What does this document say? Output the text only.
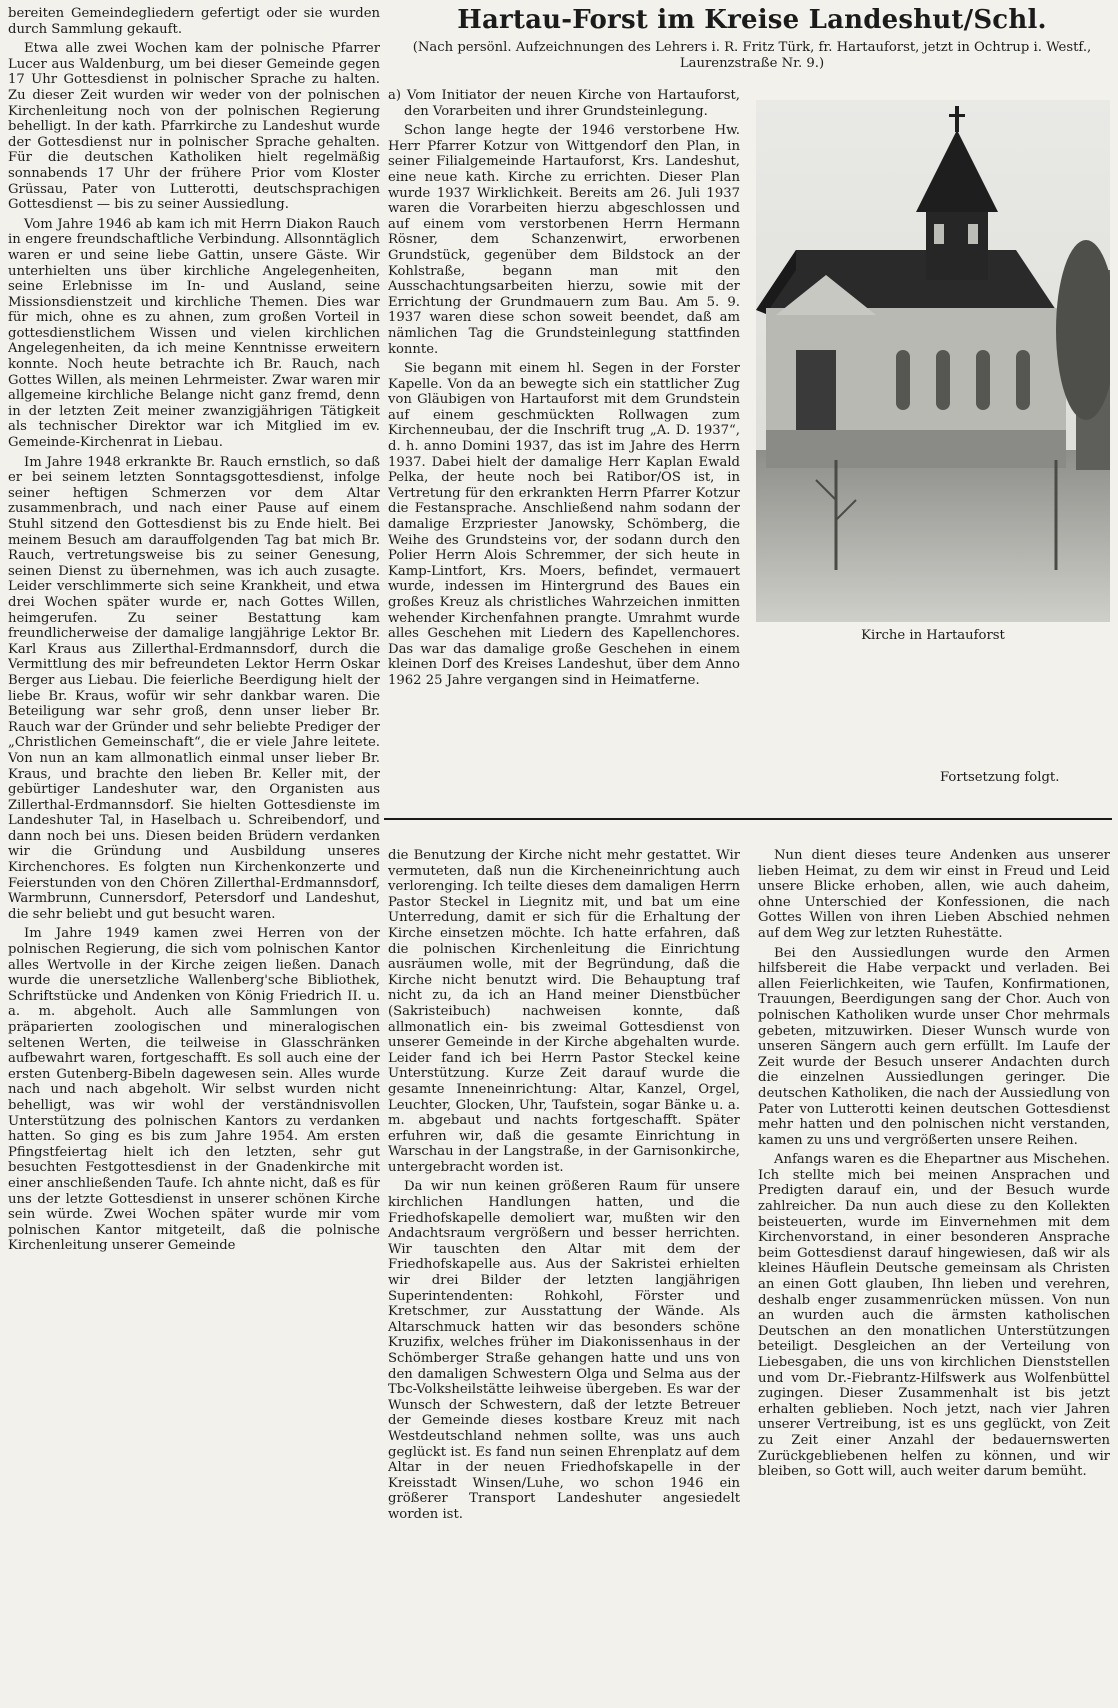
bereiten Gemeindegliedern gefertigt oder sie wurden durch Sammlung gekauft.

Etwa alle zwei Wochen kam der polnische Pfarrer Lucer aus Waldenburg, um bei dieser Gemeinde gegen 17 Uhr Gottesdienst in polnischer Sprache zu halten. Zu dieser Zeit wurden wir weder von der polnischen Kirchenleitung noch von der polnischen Regierung behelligt. In der kath. Pfarrkirche zu Landeshut wurde der Gottesdienst nur in polnischer Sprache gehalten. Für die deutschen Katholiken hielt regelmäßig sonnabends 17 Uhr der frühere Prior vom Kloster Grüssau, Pater von Lutterotti, deutschsprachigen Gottesdienst — bis zu seiner Aussiedlung.

Vom Jahre 1946 ab kam ich mit Herrn Diakon Rauch in engere freundschaftliche Verbindung. Allsonntäglich waren er und seine liebe Gattin, unsere Gäste. Wir unterhielten uns über kirchliche Angelegenheiten, seine Erlebnisse im In- und Ausland, seine Missionsdienstzeit und kirchliche Themen. Dies war für mich, ohne es zu ahnen, zum großen Vorteil in gottesdienstlichem Wissen und vielen kirchlichen Angelegenheiten, da ich meine Kenntnisse erweitern konnte. Noch heute betrachte ich Br. Rauch, nach Gottes Willen, als meinen Lehrmeister. Zwar waren mir allgemeine kirchliche Belange nicht ganz fremd, denn in der letzten Zeit meiner zwanzigjährigen Tätigkeit als technischer Direktor war ich Mitglied im ev. Gemeinde-Kirchenrat in Liebau.

Im Jahre 1948 erkrankte Br. Rauch ernstlich, so daß er bei seinem letzten Sonntagsgottesdienst, infolge seiner heftigen Schmerzen vor dem Altar zusammenbrach, und nach einer Pause auf einem Stuhl sitzend den Gottesdienst bis zu Ende hielt. Bei meinem Besuch am darauffolgenden Tag bat mich Br. Rauch, vertretungsweise bis zu seiner Genesung, seinen Dienst zu übernehmen, was ich auch zusagte. Leider verschlimmerte sich seine Krankheit, und etwa drei Wochen später wurde er, nach Gottes Willen, heimgerufen. Zu seiner Bestattung kam freundlicherweise der damalige langjährige Lektor Br. Karl Kraus aus Zillerthal-Erdmannsdorf, durch die Vermittlung des mir befreundeten Lektor Herrn Oskar Berger aus Liebau. Die feierliche Beerdigung hielt der liebe Br. Kraus, wofür wir sehr dankbar waren. Die Beteiligung war sehr groß, denn unser lieber Br. Rauch war der Gründer und sehr beliebte Prediger der „Christlichen Gemeinschaft“, die er viele Jahre leitete. Von nun an kam allmonatlich einmal unser lieber Br. Kraus, und brachte den lieben Br. Keller mit, der gebürtiger Landeshuter war, den Organisten aus Zillerthal-Erdmannsdorf. Sie hielten Gottesdienste im Landeshuter Tal, in Haselbach u. Schreibendorf, und dann noch bei uns. Diesen beiden Brüdern verdanken wir die Gründung und Ausbildung unseres Kirchenchores. Es folgten nun Kirchenkonzerte und Feierstunden von den Chören Zillerthal-Erdmannsdorf, Warmbrunn, Cunnersdorf, Petersdorf und Landeshut, die sehr beliebt und gut besucht waren.

Im Jahre 1949 kamen zwei Herren von der polnischen Regierung, die sich vom polnischen Kantor alles Wertvolle in der Kirche zeigen ließen. Danach wurde die unersetzliche Wallenberg'sche Bibliothek, Schriftstücke und Andenken von König Friedrich II. u. a. m. abgeholt. Auch alle Sammlungen von präparierten zoologischen und mineralogischen seltenen Werten, die teilweise in Glasschränken aufbewahrt waren, fortgeschafft. Es soll auch eine der ersten Gutenberg-Bibeln dagewesen sein. Alles wurde nach und nach abgeholt. Wir selbst wurden nicht behelligt, was wir wohl der verständnisvollen Unterstützung des polnischen Kantors zu verdanken hatten. So ging es bis zum Jahre 1954. Am ersten Pfingstfeiertag hielt ich den letzten, sehr gut besuchten Festgottesdienst in der Gnadenkirche mit einer anschließenden Taufe. Ich ahnte nicht, daß es für uns der letzte Gottesdienst in unserer schönen Kirche sein würde. Zwei Wochen später wurde mir vom polnischen Kantor mitgeteilt, daß die polnische Kirchenleitung unserer Gemeinde

Hartau-Forst im Kreise Landeshut/Schl.
(Nach persönl. Aufzeichnungen des Lehrers i. R. Fritz Türk, fr. Hartauforst, jetzt in Ochtrup i. Westf., Laurenzstraße Nr. 9.)

a) Vom Initiator der neuen Kirche von Hartauforst, den Vorarbeiten und ihrer Grundsteinlegung.

Schon lange hegte der 1946 verstorbene Hw. Herr Pfarrer Kotzur von Wittgendorf den Plan, in seiner Filialgemeinde Hartauforst, Krs. Landeshut, eine neue kath. Kirche zu errichten. Dieser Plan wurde 1937 Wirklichkeit. Bereits am 26. Juli 1937 waren die Vorarbeiten hierzu abgeschlossen und auf einem vom verstorbenen Herrn Hermann Rösner, dem Schanzenwirt, erworbenen Grundstück, gegenüber dem Bildstock an der Kohlstraße, begann man mit den Ausschachtungsarbeiten hierzu, sowie mit der Errichtung der Grundmauern zum Bau. Am 5. 9. 1937 waren diese schon soweit beendet, daß am nämlichen Tag die Grundsteinlegung stattfinden konnte.

Sie begann mit einem hl. Segen in der Forster Kapelle. Von da an bewegte sich ein stattlicher Zug von Gläubigen von Hartauforst mit dem Grundstein auf einem geschmückten Rollwagen zum Kirchenneubau, der die Inschrift trug „A. D. 1937“, d. h. anno Domini 1937, das ist im Jahre des Herrn 1937. Dabei hielt der damalige Herr Kaplan Ewald Pelka, der heute noch bei Ratibor/OS ist, in Vertretung für den erkrankten Herrn Pfarrer Kotzur die Festansprache. Anschließend nahm sodann der damalige Erzpriester Janowsky, Schömberg, die Weihe des Grundsteins vor, der sodann durch den Polier Herrn Alois Schremmer, der sich heute in Kamp-Lintfort, Krs. Moers, befindet, vermauert wurde, indessen im Hintergrund des Baues ein großes Kreuz als christliches Wahrzeichen inmitten wehender Kirchenfahnen prangte. Umrahmt wurde alles Geschehen mit Liedern des Kapellenchores. Das war das damalige große Geschehen in einem kleinen Dorf des Kreises Landeshut, über dem Anno 1962 25 Jahre vergangen sind in Heimatferne.

Kirche in Hartauforst
Fortsetzung folgt.

die Benutzung der Kirche nicht mehr gestattet. Wir vermuteten, daß nun die Kircheneinrichtung auch verlorenging. Ich teilte dieses dem damaligen Herrn Pastor Steckel in Liegnitz mit, und bat um eine Unterredung, damit er sich für die Erhaltung der Kirche einsetzen möchte. Ich hatte erfahren, daß die polnischen Kirchenleitung die Einrichtung ausräumen wolle, mit der Begründung, daß die Kirche nicht benutzt wird. Die Behauptung traf nicht zu, da ich an Hand meiner Dienstbücher (Sakristeibuch) nachweisen konnte, daß allmonatlich ein- bis zweimal Gottesdienst von unserer Gemeinde in der Kirche abgehalten wurde. Leider fand ich bei Herrn Pastor Steckel keine Unterstützung. Kurze Zeit darauf wurde die gesamte Inneneinrichtung: Altar, Kanzel, Orgel, Leuchter, Glocken, Uhr, Taufstein, sogar Bänke u. a. m. abgebaut und nachts fortgeschafft. Später erfuhren wir, daß die gesamte Einrichtung in Warschau in der Langstraße, in der Garnisonkirche, untergebracht worden ist.

Da wir nun keinen größeren Raum für unsere kirchlichen Handlungen hatten, und die Friedhofskapelle demoliert war, mußten wir den Andachtsraum vergrößern und besser herrichten. Wir tauschten den Altar mit dem der Friedhofskapelle aus. Aus der Sakristei erhielten wir drei Bilder der letzten langjährigen Superintendenten: Rohkohl, Förster und Kretschmer, zur Ausstattung der Wände. Als Altarschmuck hatten wir das besonders schöne Kruzifix, welches früher im Diakonissenhaus in der Schömberger Straße gehangen hatte und uns von den damaligen Schwestern Olga und Selma aus der Tbc-Volksheilstätte leihweise übergeben. Es war der Wunsch der Schwestern, daß der letzte Betreuer der Gemeinde dieses kostbare Kreuz mit nach Westdeutschland nehmen sollte, was uns auch geglückt ist. Es fand nun seinen Ehrenplatz auf dem Altar in der neuen Friedhofskapelle in der Kreisstadt Winsen/Luhe, wo schon 1946 ein größerer Transport Landeshuter angesiedelt worden ist.

Nun dient dieses teure Andenken aus unserer lieben Heimat, zu dem wir einst in Freud und Leid unsere Blicke erhoben, allen, wie auch daheim, ohne Unterschied der Konfessionen, die nach Gottes Willen von ihren Lieben Abschied nehmen auf dem Weg zur letzten Ruhestätte.

Bei den Aussiedlungen wurde den Armen hilfsbereit die Habe verpackt und verladen. Bei allen Feierlichkeiten, wie Taufen, Konfirmationen, Trauungen, Beerdigungen sang der Chor. Auch von polnischen Katholiken wurde unser Chor mehrmals gebeten, mitzuwirken. Dieser Wunsch wurde von unseren Sängern auch gern erfüllt. Im Laufe der Zeit wurde der Besuch unserer Andachten durch die einzelnen Aussiedlungen geringer. Die deutschen Katholiken, die nach der Aussiedlung von Pater von Lutterotti keinen deutschen Gottesdienst mehr hatten und den polnischen nicht verstanden, kamen zu uns und vergrößerten unsere Reihen.

Anfangs waren es die Ehepartner aus Mischehen. Ich stellte mich bei meinen Ansprachen und Predigten darauf ein, und der Besuch wurde zahlreicher. Da nun auch diese zu den Kollekten beisteuerten, wurde im Einvernehmen mit dem Kirchenvorstand, in einer besonderen Ansprache beim Gottesdienst darauf hingewiesen, daß wir als kleines Häuflein Deutsche gemeinsam als Christen an einen Gott glauben, Ihn lieben und verehren, deshalb enger zusammenrücken müssen. Von nun an wurden auch die ärmsten katholischen Deutschen an den monatlichen Unterstützungen beteiligt. Desgleichen an der Verteilung von Liebesgaben, die uns von kirchlichen Dienststellen und vom Dr.-Fiebrantz-Hilfswerk aus Wolfenbüttel zugingen. Dieser Zusammenhalt ist bis jetzt erhalten geblieben. Noch jetzt, nach vier Jahren unserer Vertreibung, ist es uns geglückt, von Zeit zu Zeit einer Anzahl der bedauernswerten Zurückgebliebenen helfen zu können, und wir bleiben, so Gott will, auch weiter darum bemüht.
